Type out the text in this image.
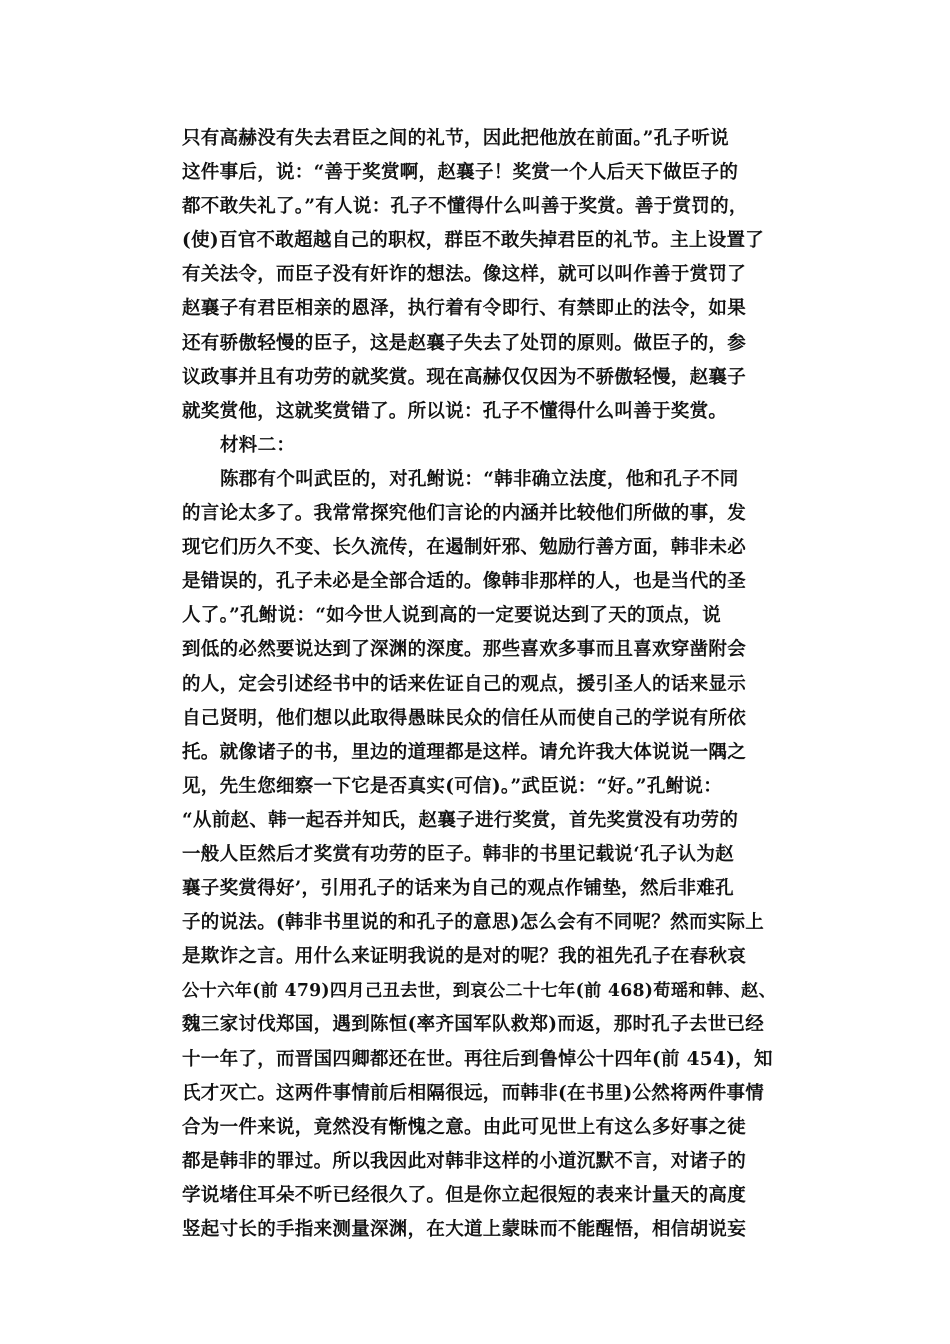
只有高赫没有失去君臣之间的礼节，因此把他放在前面。”孔子听说
这件事后，说：“善于奖赏啊，赵襄子！奖赏一个人后天下做臣子的
都不敢失礼了。”有人说：孔子不懂得什么叫善于奖赏。善于赏罚的，
(使)百官不敢超越自己的职权，群臣不敢失掉君臣的礼节。主上设置了
有关法令，而臣子没有奸诈的想法。像这样，就可以叫作善于赏罚了
赵襄子有君臣相亲的恩泽，执行着有令即行、有禁即止的法令，如果
还有骄傲轻慢的臣子，这是赵襄子失去了处罚的原则。做臣子的，参
议政事并且有功劳的就奖赏。现在高赫仅仅因为不骄傲轻慢，赵襄子
就奖赏他，这就奖赏错了。所以说：孔子不懂得什么叫善于奖赏。
材料二：
陈郡有个叫武臣的，对孔鲋说：“韩非确立法度，他和孔子不同
的言论太多了。我常常探究他们言论的内涵并比较他们所做的事，发
现它们历久不变、长久流传，在遏制奸邪、勉励行善方面，韩非未必
是错误的，孔子未必是全部合适的。像韩非那样的人，也是当代的圣
人了。”孔鲋说：“如今世人说到高的一定要说达到了天的顶点，说
到低的必然要说达到了深渊的深度。那些喜欢多事而且喜欢穿凿附会
的人，定会引述经书中的话来佐证自己的观点，援引圣人的话来显示
自己贤明，他们想以此取得愚昧民众的信任从而使自己的学说有所依
托。就像诸子的书，里边的道理都是这样。请允许我大体说说一隅之
见，先生您细察一下它是否真实(可信)。”武臣说：“好。”孔鲋说：
“从前赵、韩一起吞并知氏，赵襄子进行奖赏，首先奖赏没有功劳的
一般人臣然后才奖赏有功劳的臣子。韩非的书里记载说‘孔子认为赵
襄子奖赏得好’，引用孔子的话来为自己的观点作铺垫，然后非难孔
子的说法。(韩非书里说的和孔子的意思)怎么会有不同呢？然而实际上
是欺诈之言。用什么来证明我说的是对的呢？我的祖先孔子在春秋哀
公十六年(前 479)四月己丑去世，到哀公二十七年(前 468)荀瑶和韩、赵、
魏三家讨伐郑国，遇到陈恒(率齐国军队救郑)而返，那时孔子去世已经
十一年了，而晋国四卿都还在世。再往后到鲁悼公十四年(前 454)，知
氏才灭亡。这两件事情前后相隔很远，而韩非(在书里)公然将两件事情
合为一件来说，竟然没有惭愧之意。由此可见世上有这么多好事之徒
都是韩非的罪过。所以我因此对韩非这样的小道沉默不言，对诸子的
学说堵住耳朵不听已经很久了。但是你立起很短的表来计量天的高度
竖起寸长的手指来测量深渊，在大道上蒙昧而不能醒悟，相信胡说妄
